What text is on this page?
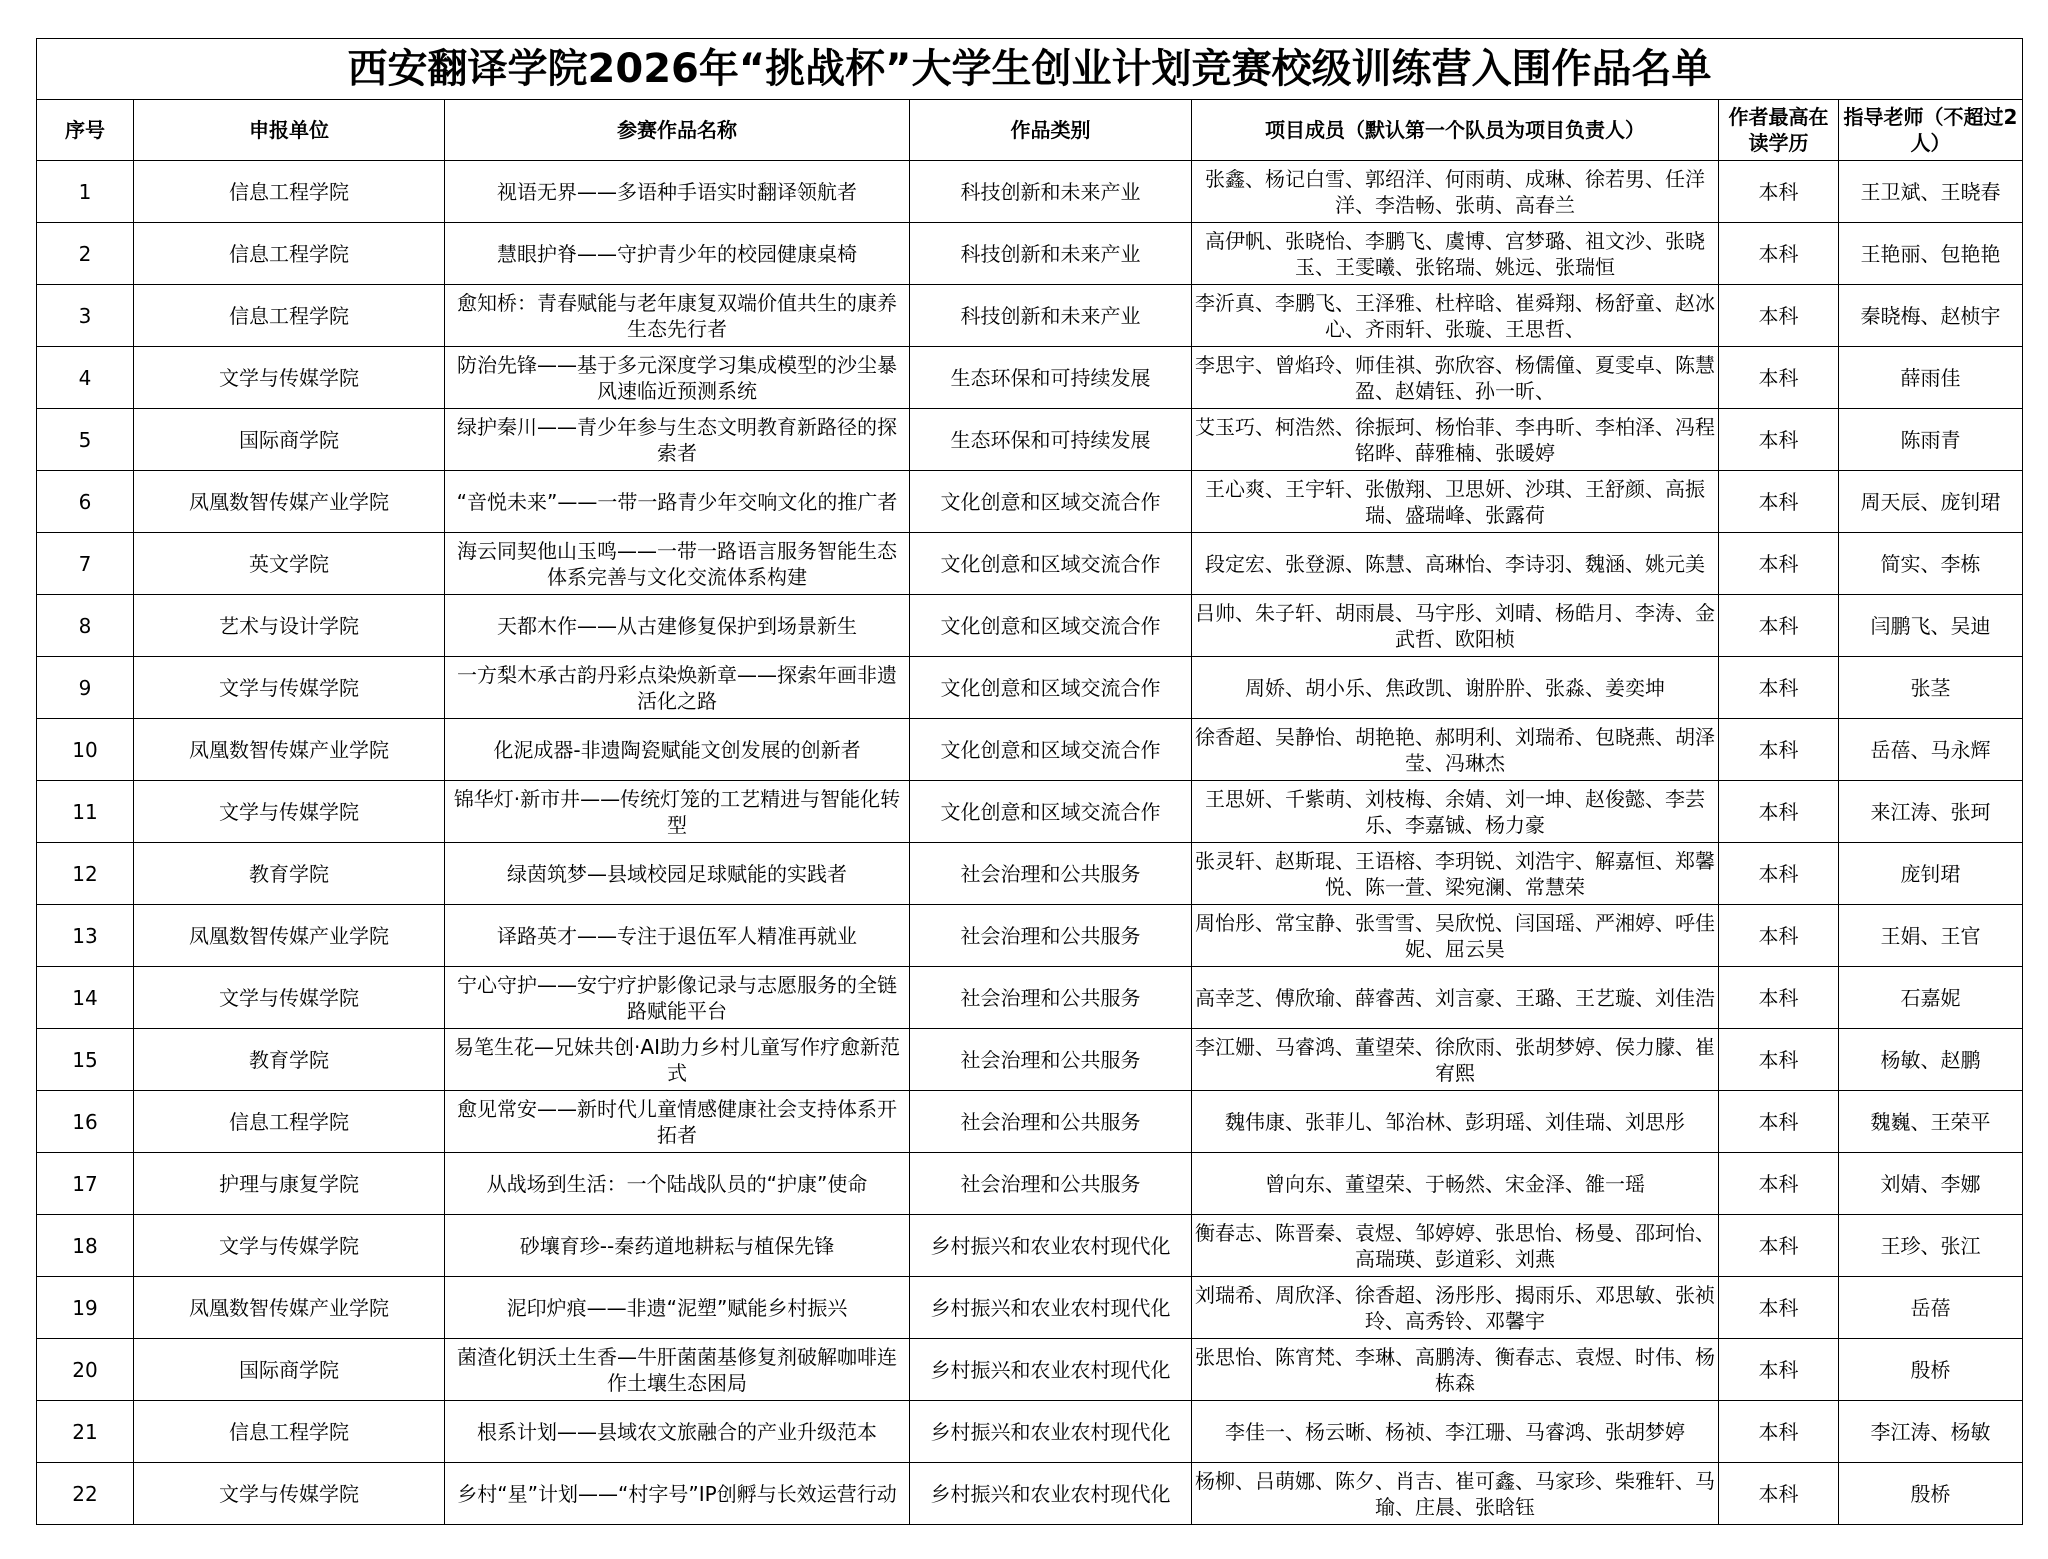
西安翻译学院2026年“挑战杯”大学生创业计划竞赛校级训练营入围作品名单						
序号	申报单位	参赛作品名称	作品类别	项目成员（默认第一个队员为项目负责人）	作者最高在读学历	指导老师（不超过2人）
1	信息工程学院	视语无界——多语种手语实时翻译领航者	科技创新和未来产业	张鑫、杨记白雪、郭绍洋、何雨萌、成琳、徐若男、任洋洋、李浩畅、张萌、高春兰	本科	王卫斌、王晓春
2	信息工程学院	慧眼护脊——守护青少年的校园健康桌椅	科技创新和未来产业	高伊帆、张晓怡、李鹏飞、虞博、宫梦璐、祖文沙、张晓玉、王雯曦、张铭瑞、姚远、张瑞恒	本科	王艳丽、包艳艳
3	信息工程学院	愈知桥：青春赋能与老年康复双端价值共生的康养生态先行者	科技创新和未来产业	李沂真、李鹏飞、王泽雅、杜梓晗、崔舜翔、杨舒童、赵冰心、齐雨轩、张璇、王思哲、	本科	秦晓梅、赵桢宇
4	文学与传媒学院	防治先锋——基于多元深度学习集成模型的沙尘暴风速临近预测系统	生态环保和可持续发展	李思宇、曾焰玲、师佳祺、弥欣容、杨儒僮、夏雯卓、陈慧盈、赵婧钰、孙一昕、	本科	薛雨佳
5	国际商学院	绿护秦川——青少年参与生态文明教育新路径的探索者	生态环保和可持续发展	艾玉巧、柯浩然、徐振珂、杨怡菲、李冉昕、李柏泽、冯程铭晔、薛雅楠、张暖婷	本科	陈雨青
6	凤凰数智传媒产业学院	“音悦未来”——一带一路青少年交响文化的推广者	文化创意和区域交流合作	王心爽、王宇轩、张傲翔、卫思妍、沙琪、王舒颜、高振瑞、盛瑞峰、张露荷	本科	周天辰、庞钊珺
7	英文学院	海云同契他山玉鸣——一带一路语言服务智能生态体系完善与文化交流体系构建	文化创意和区域交流合作	段定宏、张登源、陈慧、高琳怡、李诗羽、魏涵、姚元美	本科	简实、李栋
8	艺术与设计学院	天都木作——从古建修复保护到场景新生	文化创意和区域交流合作	吕帅、朱子轩、胡雨晨、马宇彤、刘晴、杨皓月、李涛、金武哲、欧阳桢	本科	闫鹏飞、吴迪
9	文学与传媒学院	一方梨木承古韵丹彩点染焕新章——探索年画非遗活化之路	文化创意和区域交流合作	周娇、胡小乐、焦政凯、谢肸肸、张淼、姜奕坤	本科	张茎
10	凤凰数智传媒产业学院	化泥成器-非遗陶瓷赋能文创发展的创新者	文化创意和区域交流合作	徐香超、吴静怡、胡艳艳、郝明利、刘瑞希、包晓燕、胡泽莹、冯琳杰	本科	岳蓓、马永辉
11	文学与传媒学院	锦华灯·新市井——传统灯笼的工艺精进与智能化转型	文化创意和区域交流合作	王思妍、千紫萌、刘枝梅、余婧、刘一坤、赵俊懿、李芸乐、李嘉铖、杨力豪	本科	来江涛、张珂
12	教育学院	绿茵筑梦—县域校园足球赋能的实践者	社会治理和公共服务	张灵轩、赵斯琨、王语榕、李玥锐、刘浩宇、解嘉恒、郑馨悦、陈一萱、梁宛澜、常慧荣	本科	庞钊珺
13	凤凰数智传媒产业学院	译路英才——专注于退伍军人精准再就业	社会治理和公共服务	周怡彤、常宝静、张雪雪、吴欣悦、闫国瑶、严湘婷、呼佳妮、屈云昊	本科	王娟、王官
14	文学与传媒学院	宁心守护——安宁疗护影像记录与志愿服务的全链路赋能平台	社会治理和公共服务	高幸芝、傅欣瑜、薛睿茜、刘言豪、王璐、王艺璇、刘佳浩	本科	石嘉妮
15	教育学院	易笔生花—兄妹共创·AI助力乡村儿童写作疗愈新范式	社会治理和公共服务	李江姗、马睿鸿、董望荣、徐欣雨、张胡梦婷、侯力朦、崔宥熙	本科	杨敏、赵鹏
16	信息工程学院	愈见常安——新时代儿童情感健康社会支持体系开拓者	社会治理和公共服务	魏伟康、张菲儿、邹治林、彭玥瑶、刘佳瑞、刘思彤	本科	魏巍、王荣平
17	护理与康复学院	从战场到生活：一个陆战队员的“护康”使命	社会治理和公共服务	曾向东、董望荣、于畅然、宋金泽、雒一瑶	本科	刘婧、李娜
18	文学与传媒学院	砂壤育珍--秦药道地耕耘与植保先锋	乡村振兴和农业农村现代化	衡春志、陈晋秦、袁煜、邹婷婷、张思怡、杨曼、邵珂怡、高瑞瑛、彭道彩、刘燕	本科	王珍、张江
19	凤凰数智传媒产业学院	泥印炉痕——非遗“泥塑”赋能乡村振兴	乡村振兴和农业农村现代化	刘瑞希、周欣泽、徐香超、汤彤彤、揭雨乐、邓思敏、张祯玲、高秀铃、邓馨宇	本科	岳蓓
20	国际商学院	菌渣化钥沃土生香—牛肝菌菌基修复剂破解咖啡连作土壤生态困局	乡村振兴和农业农村现代化	张思怡、陈宵梵、李琳、高鹏涛、衡春志、袁煜、时伟、杨栋森	本科	殷桥
21	信息工程学院	根系计划——县域农文旅融合的产业升级范本	乡村振兴和农业农村现代化	李佳一、杨云晰、杨祯、李江珊、马睿鸿、张胡梦婷	本科	李江涛、杨敏
22	文学与传媒学院	乡村“星”计划——“村字号”IP创孵与长效运营行动	乡村振兴和农业农村现代化	杨柳、吕萌娜、陈夕、肖吉、崔可鑫、马家珍、柴雅轩、马瑜、庄晨、张晗钰	本科	殷桥
